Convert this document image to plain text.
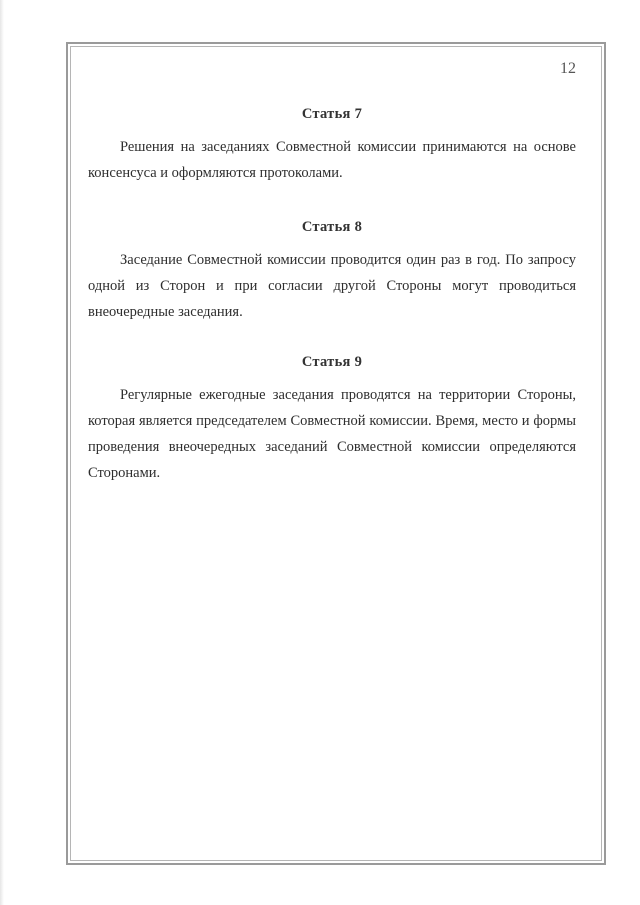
12
Статья 7

Решения на заседаниях Совместной комиссии принимаются на основе консенсуса и оформляются протоколами.

Статья 8

Заседание Совместной комиссии проводится один раз в год. По запросу одной из Сторон и при согласии другой Стороны могут проводиться внеочередные заседания.

Статья 9

Регулярные ежегодные заседания проводятся на территории Стороны, которая является председателем Совместной комиссии. Время, место и формы проведения внеочередных заседаний Совместной комиссии определяются Сторонами.
